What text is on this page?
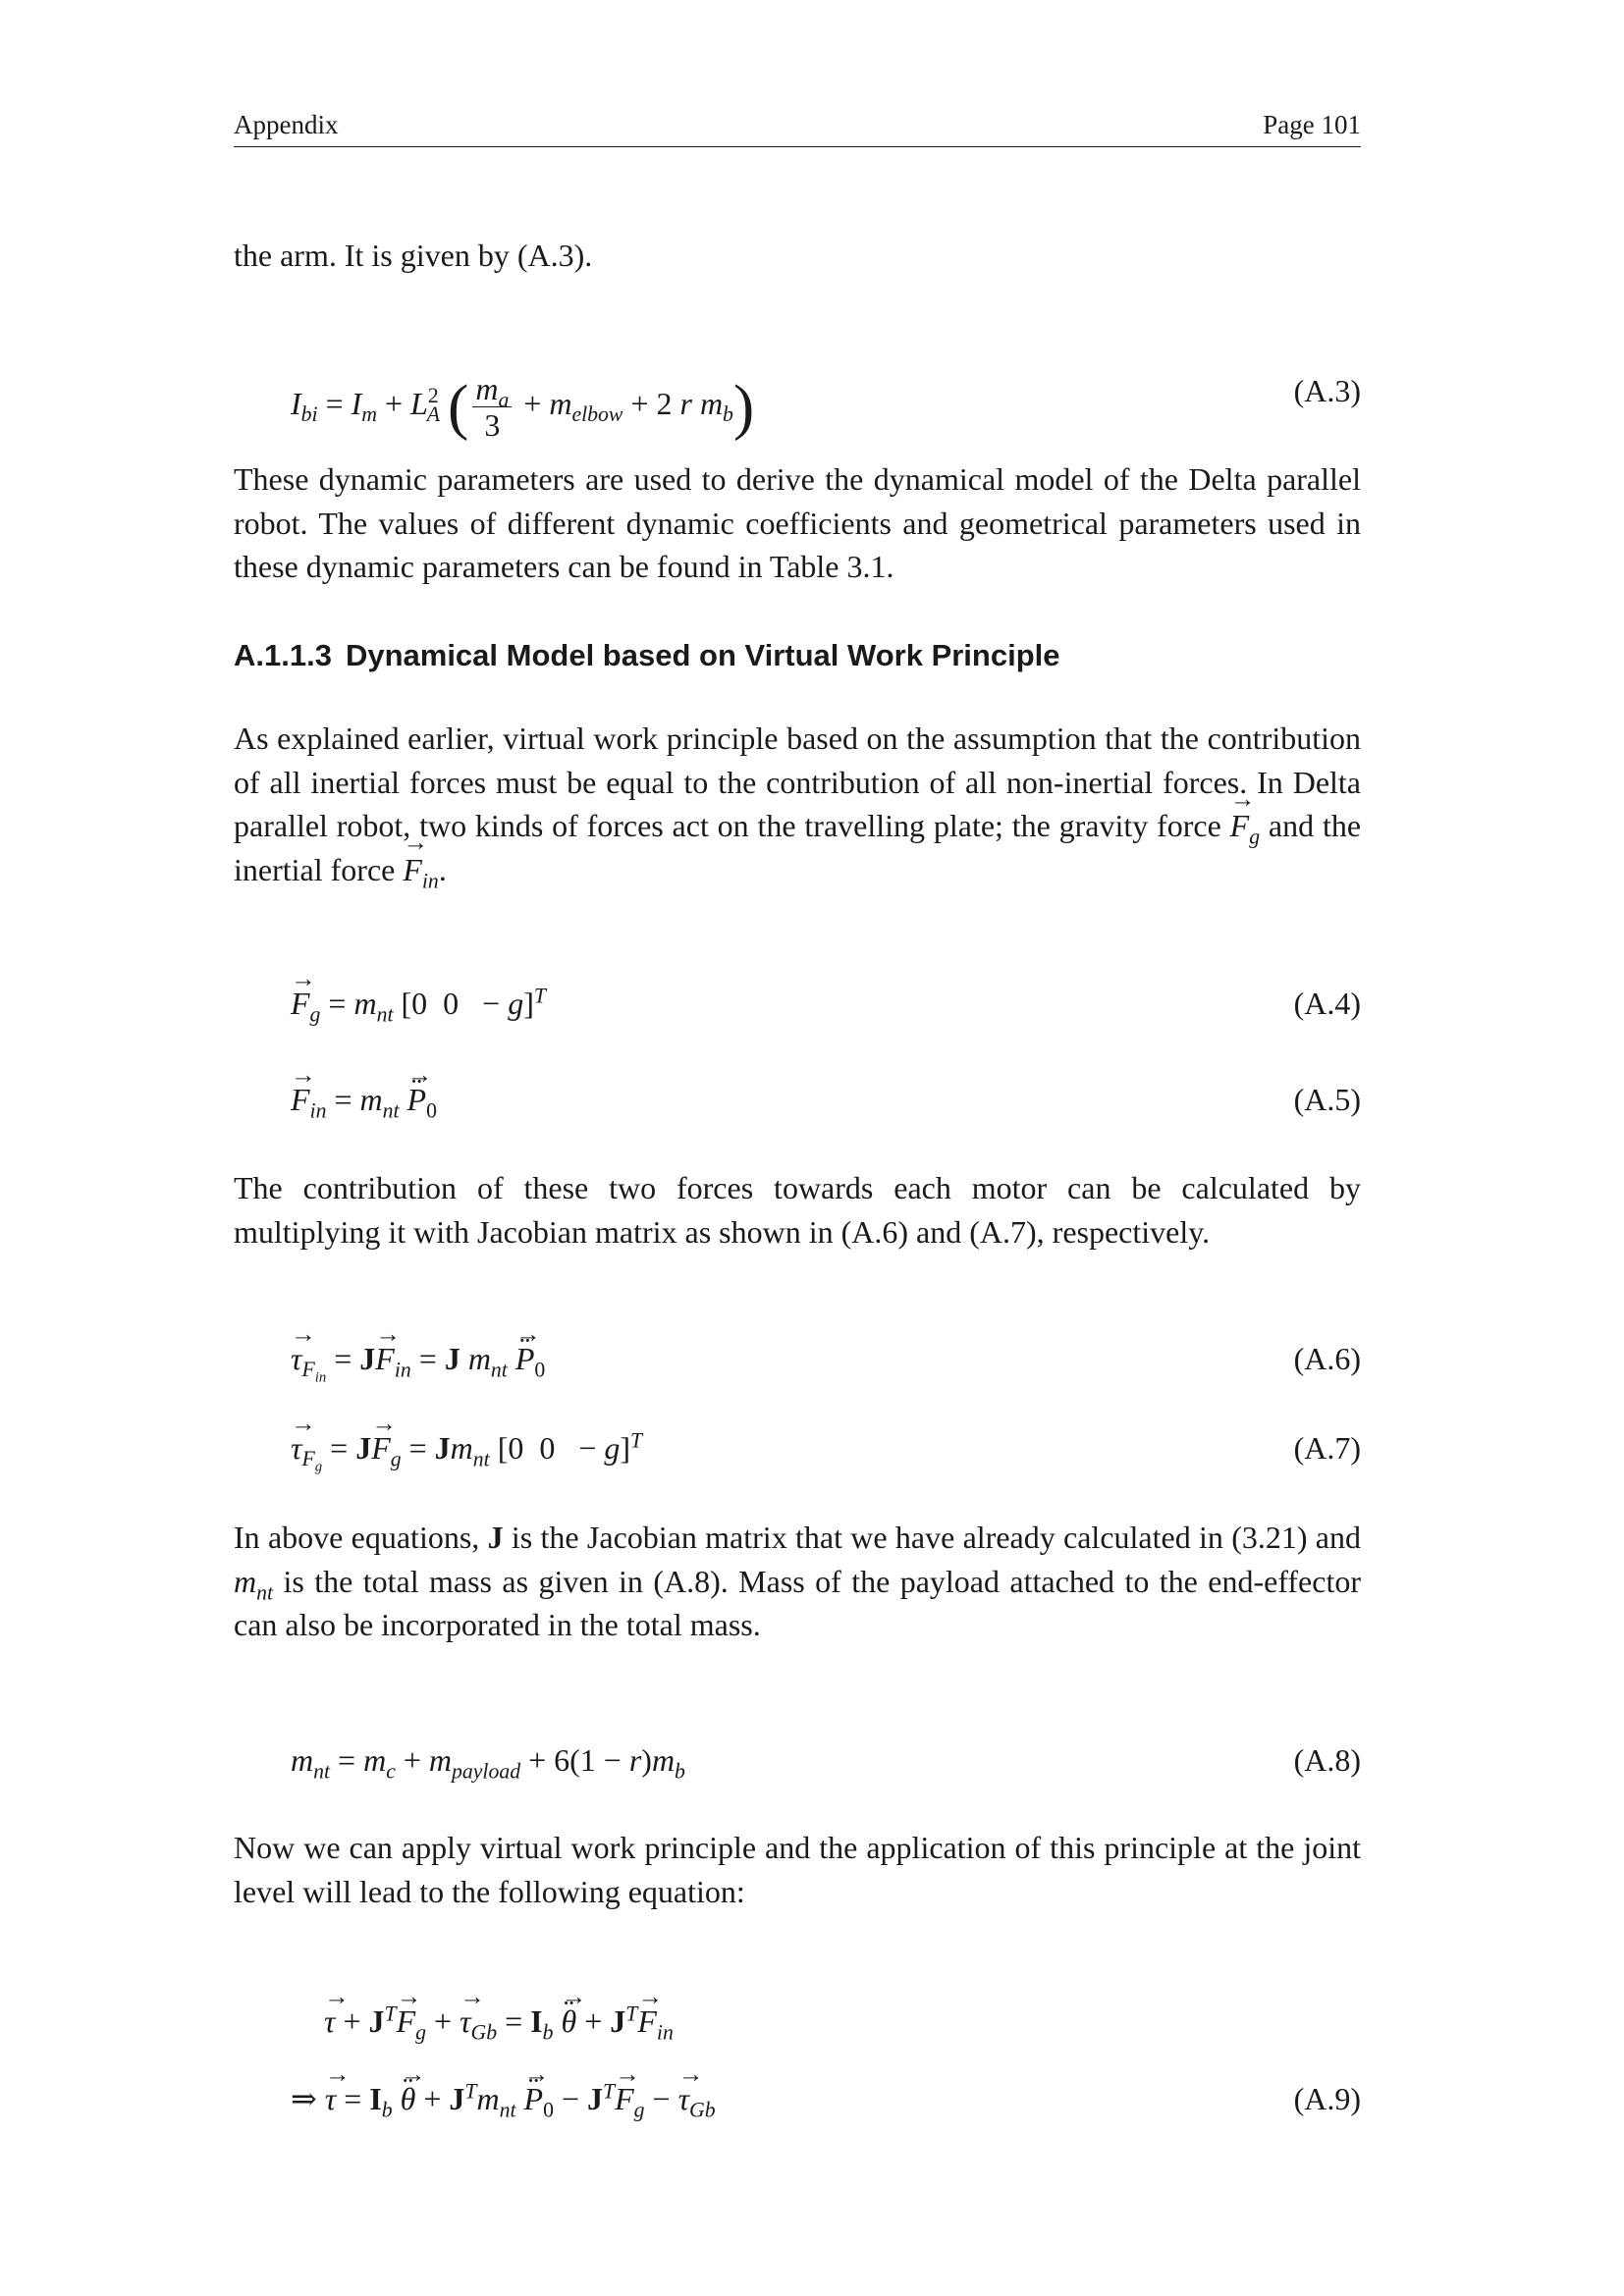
Appendix	Page 101

the arm. It is given by (A.3).

$I_{bi} = I_m + L^2_A$ ( $\frac{m_a}{3} + m_{elbow} + 2$ r $m_b$)	(A.3)

These dynamic parameters are used to derive the dynamical model of the Delta parallel robot. The values of different dynamic coefficients and geometrical parameters used in these dynamic parameters can be found in Table 3.1.

A.1.1.3 Dynamical Model based on Virtual Work Principle

As explained earlier, virtual work principle based on the assumption that the contribution of all inertial forces must be equal to the contribution of all non-inertial forces. In Delta parallel robot, two kinds of forces act on the travelling plate; the gravity force → $F_g$ and the inertial force → $F_{in}$.

→ $F_g = m_{nt}$ [0  0   − g]$^T$	(A.4)
→ $F_{in} = m_{nt} \to P$ $¨_0$	(A.5)

The contribution of these two forces towards each motor can be calculated by multiplying it with Jacobian matrix as shown in (A.6) and (A.7), respectively.

→ $\tau_{F_{in}} = J\to F_{in} = J$ $m_{nt} \to P$ $¨_0$	(A.6)
→ $\tau_{F_g} = J\to F_g = Jm_{nt}$ [0  0   − g]$^T$	(A.7)

In above equations, J is the Jacobian matrix that we have already calculated in (3.21) and $m_{nt}$ is the total mass as given in (A.8). Mass of the payload attached to the end-effector can also be incorporated in the total mass.

$m_{nt} = m_c + m_{payload} + 6(1 - r)m_b$	(A.8)

Now we can apply virtual work principle and the application of this principle at the joint level will lead to the following equation:

→ $\tau + J^T\to F_g$ + → $\tau_{Gb} = I_b \to \theta$ ¨ + $J^T\to F_{in}$
⇒ → $\tau = I_b \to \theta$ ¨ + $J^Tm_{nt} \to P$ $¨_0 - J^T\to F_g$ − → $\tau_{Gb}$	(A.9)
